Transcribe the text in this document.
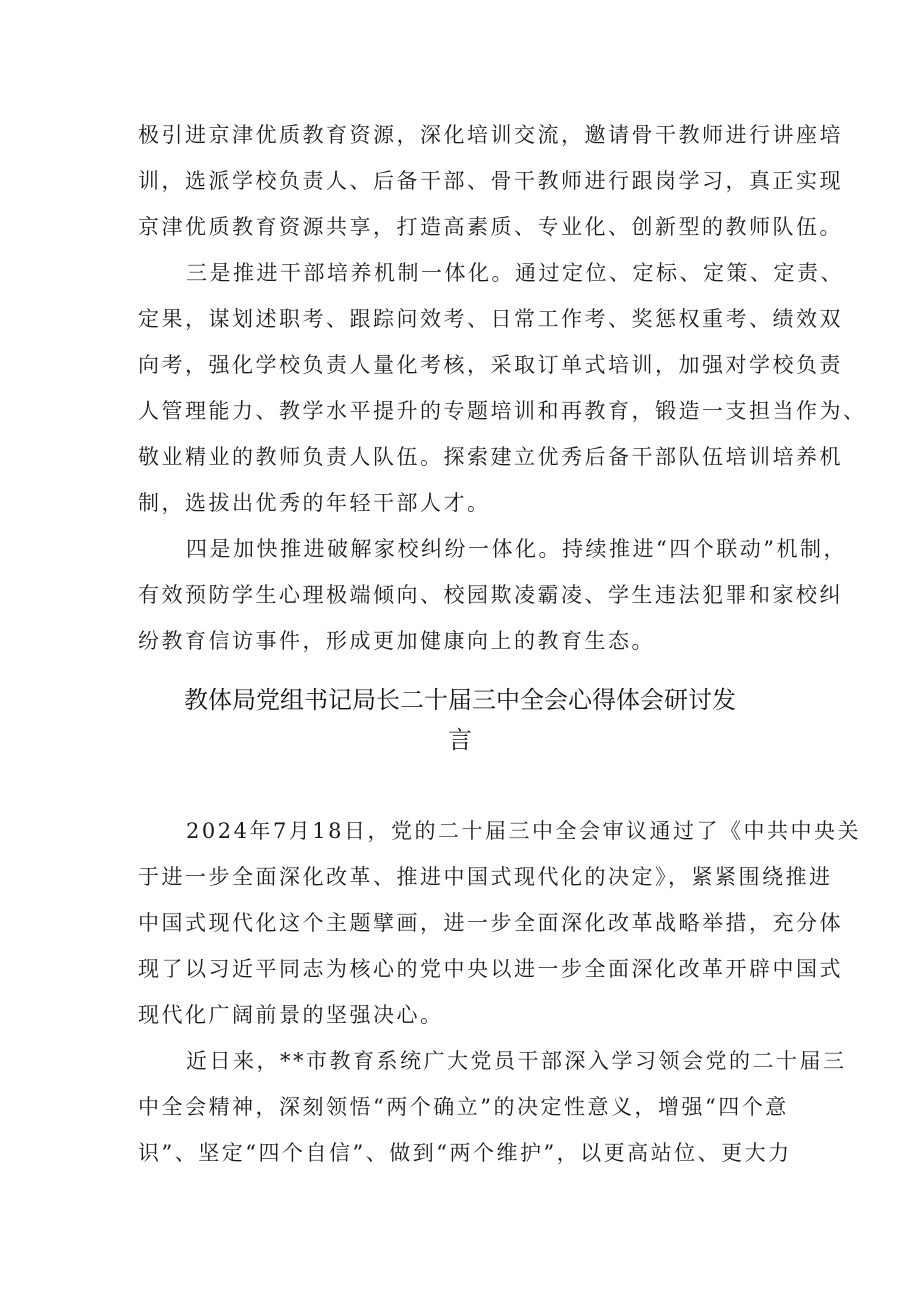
极引进京津优质教育资源，深化培训交流，邀请骨干教师进行讲座培
训，选派学校负责人、后备干部、骨干教师进行跟岗学习，真正实现
京津优质教育资源共享，打造高素质、专业化、创新型的教师队伍。
三是推进干部培养机制一体化。通过定位、定标、定策、定责、
定果，谋划述职考、跟踪问效考、日常工作考、奖惩权重考、绩效双
向考，强化学校负责人量化考核，采取订单式培训，加强对学校负责
人管理能力、教学水平提升的专题培训和再教育，锻造一支担当作为、
敬业精业的教师负责人队伍。探索建立优秀后备干部队伍培训培养机
制，选拔出优秀的年轻干部人才。
四是加快推进破解家校纠纷一体化。持续推进“四个联动”机制，
有效预防学生心理极端倾向、校园欺凌霸凌、学生违法犯罪和家校纠
纷教育信访事件，形成更加健康向上的教育生态。
教体局党组书记局长二十届三中全会心得体会研讨发
言
2024年7月18日，党的二十届三中全会审议通过了《中共中央关
于进一步全面深化改革、推进中国式现代化的决定》，紧紧围绕推进
中国式现代化这个主题擘画，进一步全面深化改革战略举措，充分体
现了以习近平同志为核心的党中央以进一步全面深化改革开辟中国式
现代化广阔前景的坚强决心。
近日来，**市教育系统广大党员干部深入学习领会党的二十届三
中全会精神，深刻领悟“两个确立”的决定性意义，增强“四个意
识”、坚定“四个自信”、做到“两个维护”，以更高站位、更大力
